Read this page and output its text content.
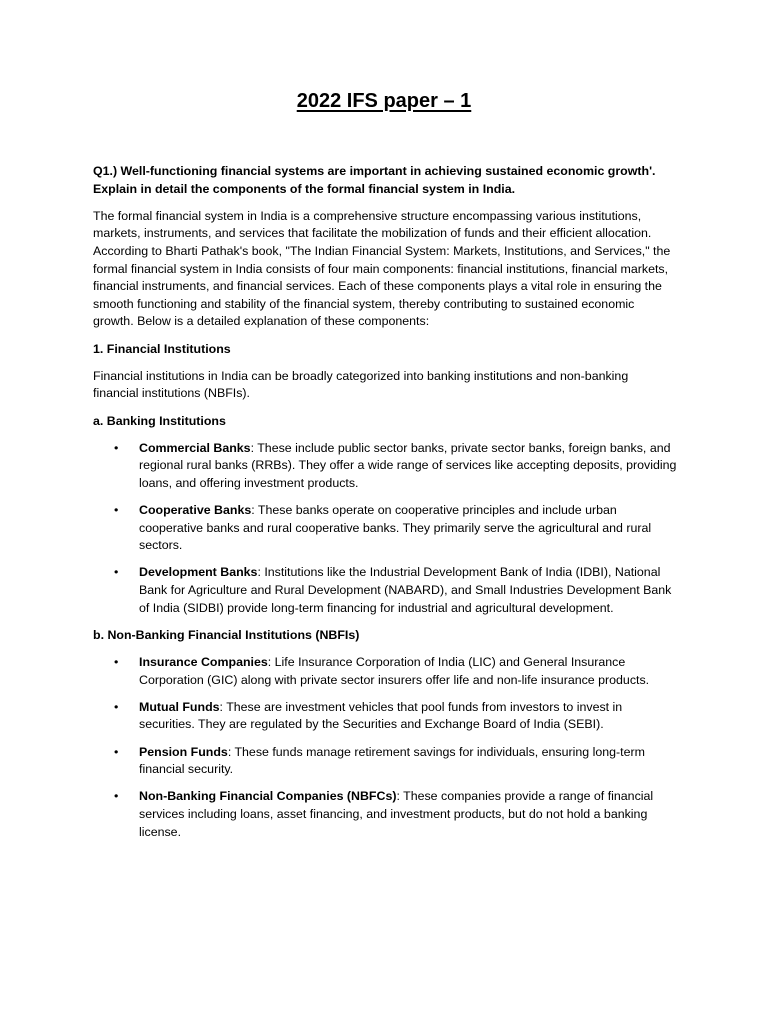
2022 IFS paper – 1

Q1.) Well-functioning financial systems are important in achieving sustained economic growth'. Explain in detail the components of the formal financial system in India.

The formal financial system in India is a comprehensive structure encompassing various institutions, markets, instruments, and services that facilitate the mobilization of funds and their efficient allocation. According to Bharti Pathak's book, "The Indian Financial System: Markets, Institutions, and Services," the formal financial system in India consists of four main components: financial institutions, financial markets, financial instruments, and financial services. Each of these components plays a vital role in ensuring the smooth functioning and stability of the financial system, thereby contributing to sustained economic growth. Below is a detailed explanation of these components:

1. Financial Institutions

Financial institutions in India can be broadly categorized into banking institutions and non-banking financial institutions (NBFIs).

a. Banking Institutions

• Commercial Banks: These include public sector banks, private sector banks, foreign banks, and regional rural banks (RRBs). They offer a wide range of services like accepting deposits, providing loans, and offering investment products.
• Cooperative Banks: These banks operate on cooperative principles and include urban cooperative banks and rural cooperative banks. They primarily serve the agricultural and rural sectors.
• Development Banks: Institutions like the Industrial Development Bank of India (IDBI), National Bank for Agriculture and Rural Development (NABARD), and Small Industries Development Bank of India (SIDBI) provide long-term financing for industrial and agricultural development.

b. Non-Banking Financial Institutions (NBFIs)

• Insurance Companies: Life Insurance Corporation of India (LIC) and General Insurance Corporation (GIC) along with private sector insurers offer life and non-life insurance products.
• Mutual Funds: These are investment vehicles that pool funds from investors to invest in securities. They are regulated by the Securities and Exchange Board of India (SEBI).
• Pension Funds: These funds manage retirement savings for individuals, ensuring long-term financial security.
• Non-Banking Financial Companies (NBFCs): These companies provide a range of financial services including loans, asset financing, and investment products, but do not hold a banking license.
